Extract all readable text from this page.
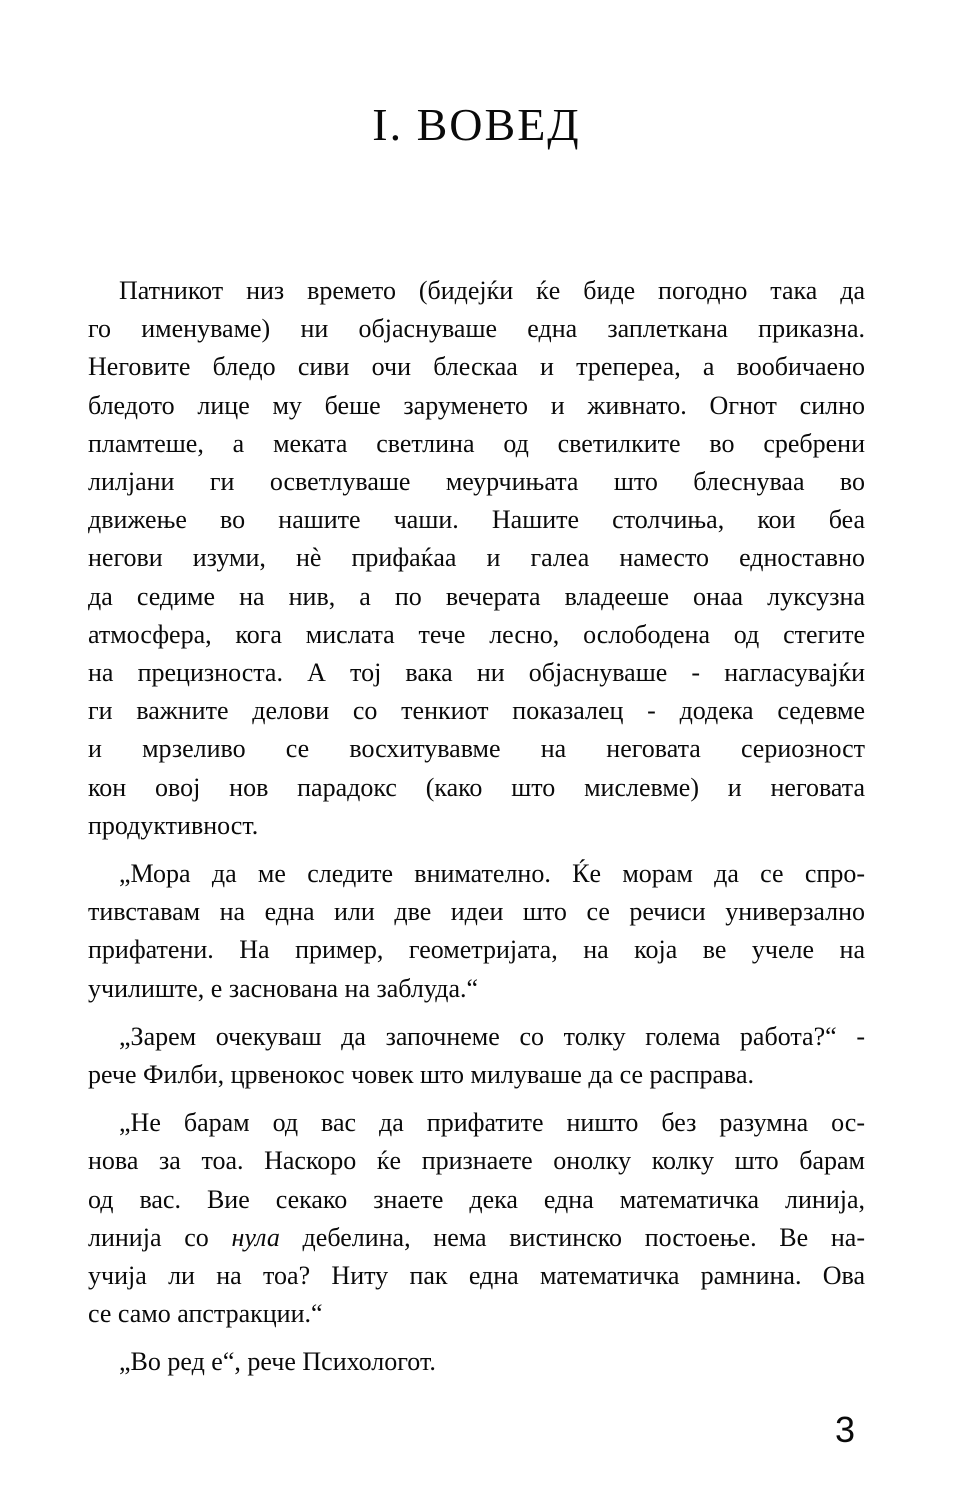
I. ВОВЕД
Патникот низ времето (бидејќи ќе биде погодно така да
го именуваме) ни објаснуваше една заплеткана приказна.
Неговите бледо сиви очи блескаа и трепереа, а вообичаено
бледото лице му беше заруменето и живнато. Огнот силно
пламтеше, а меката светлина од светилките во сребрени
лилјани ги осветлуваше меурчињата што блеснуваа во
движење во нашите чаши. Нашите столчиња, кои беа
негови изуми, нѐ прифаќаа и галеа наместо едноставно
да седиме на нив, а по вечерата владееше онаа луксузна
атмосфера, кога мислата тече лесно, ослободена од стегите
на прецизноста. А тој вака ни објаснуваше - нагласувајќи
ги важните делови со тенкиот показалец - додека седевме
и мрзеливо се восхитувавме на неговата сериозност
кон овој нов парадокс (како што мислевме) и неговата
продуктивност.
„Мора да ме следите внимателно. Ќе морам да се спро-
тивставам на една или две идеи што се речиси универзално
прифатени. На пример, геометријата, на која ве учеле на
училиште, е заснована на заблуда.“
„Зарем очекуваш да започнеме со толку голема работа?“ -
рече Филби, црвенокос човек што милуваше да се расправа.
„Не барам од вас да прифатите ништо без разумна ос-
нова за тоа. Наскоро ќе признаете онолку колку што барам
од вас. Вие секако знаете дека една математичка линија,
линија со нула дебелина, нема вистинско постоење. Ве на-
учија ли на тоа? Ниту пак една математичка рамнина. Ова
се само апстракции.“
„Во ред е“, рече Психологот.
3
